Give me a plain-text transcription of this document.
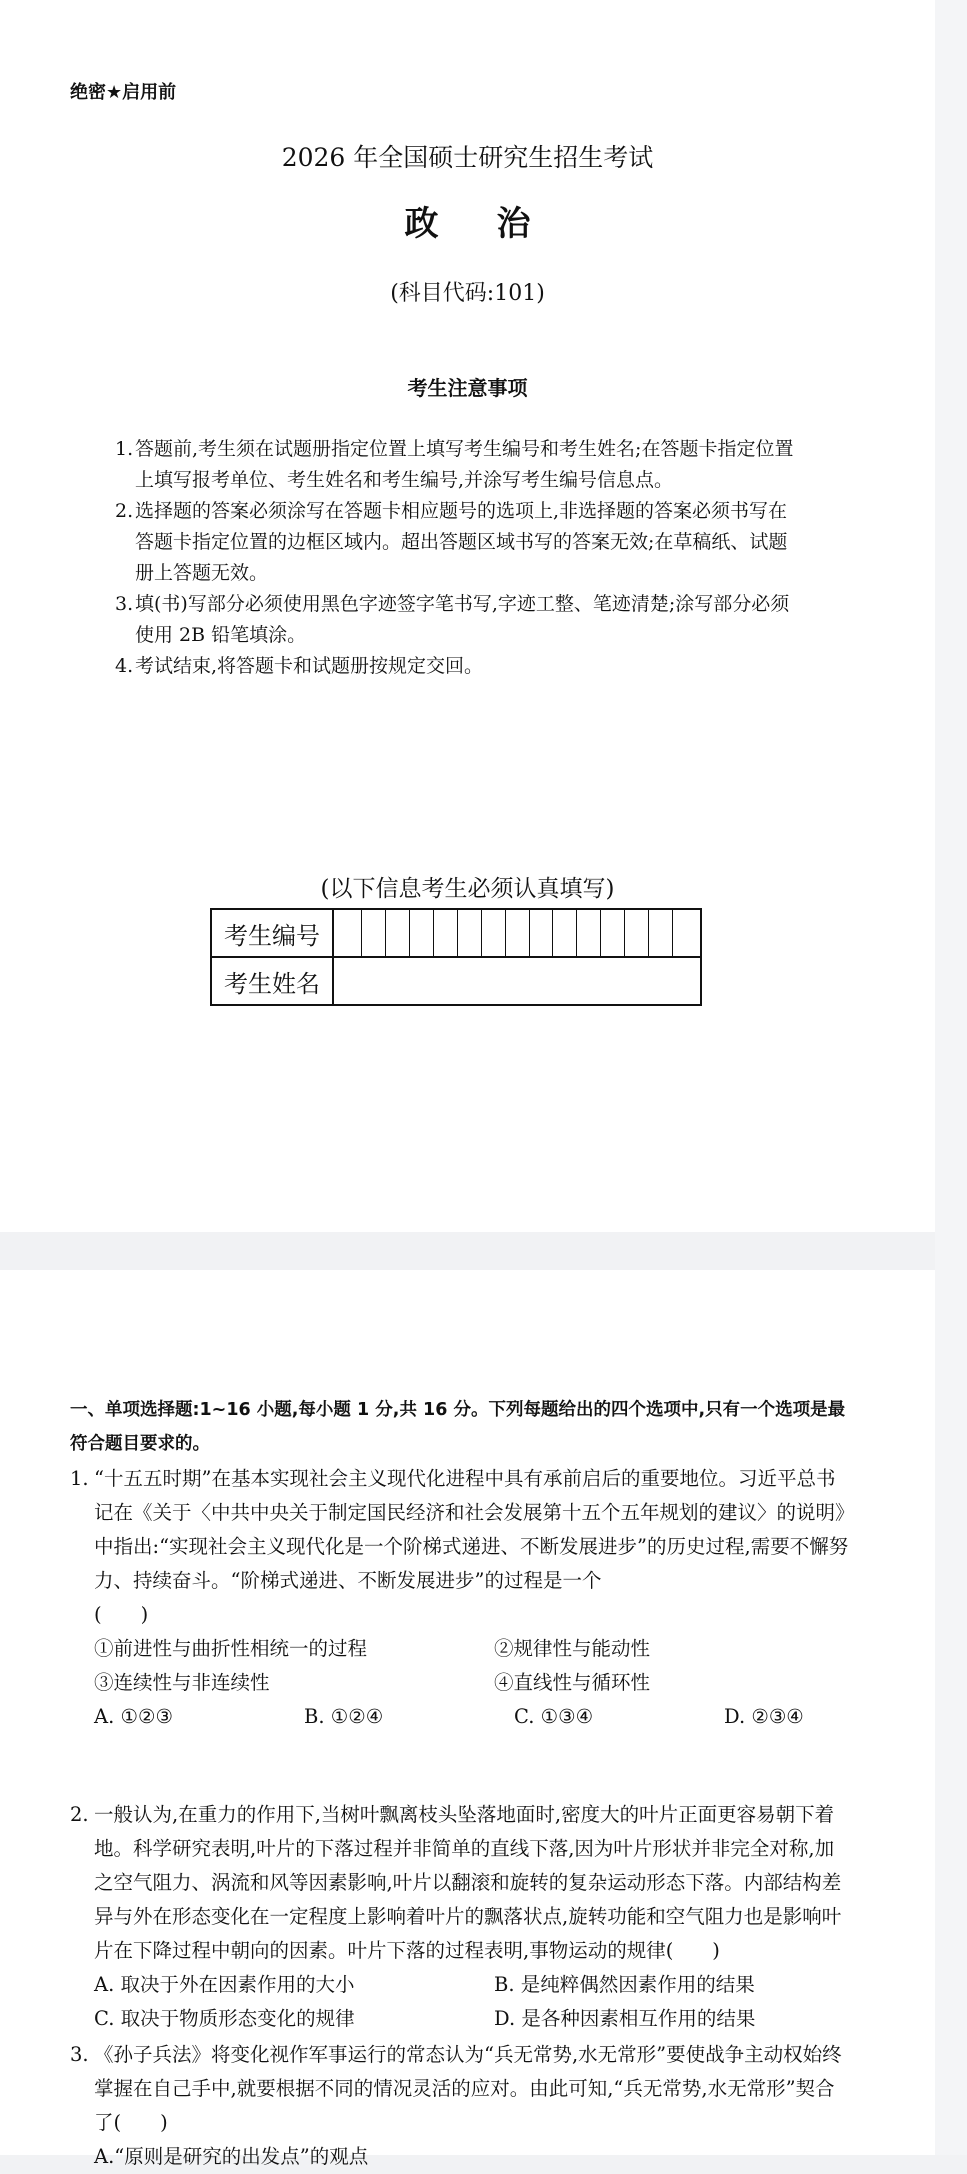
绝密★启用前
2026 年全国硕士研究生招生考试
政治
(科目代码:101)
考生注意事项
1. 答题前,考生须在试题册指定位置上填写考生编号和考生姓名;在答题卡指定位置上填写报考单位、考生姓名和考生编号,并涂写考生编号信息点。
2. 选择题的答案必须涂写在答题卡相应题号的选项上,非选择题的答案必须书写在答题卡指定位置的边框区域内。超出答题区域书写的答案无效;在草稿纸、试题册上答题无效。
3. 填(书)写部分必须使用黑色字迹签字笔书写,字迹工整、笔迹清楚;涂写部分必须使用 2B 铅笔填涂。
4. 考试结束,将答题卡和试题册按规定交回。
(以下信息考生必须认真填写)
考生编号	

考生姓名	
一、单项选择题:1~16 小题,每小题 1 分,共 16 分。下列每题给出的四个选项中,只有一个选项是最符合题目要求的。
1. “十五五时期”在基本实现社会主义现代化进程中具有承前启后的重要地位。习近平总书记在《关于〈中共中央关于制定国民经济和社会发展第十五个五年规划的建议〉的说明》中指出:“实现社会主义现代化是一个阶梯式递进、不断发展进步”的历史过程,需要不懈努力、持续奋斗。“阶梯式递进、不断发展进步”的过程是一个
(　　)
①前进性与曲折性相统一的过程	②规律性与能动性
③连续性与非连续性	④直线性与循环性
A. ①②③	B. ①②④	C. ①③④	D. ②③④
2. 一般认为,在重力的作用下,当树叶飘离枝头坠落地面时,密度大的叶片正面更容易朝下着地。科学研究表明,叶片的下落过程并非简单的直线下落,因为叶片形状并非完全对称,加之空气阻力、涡流和风等因素影响,叶片以翻滚和旋转的复杂运动形态下落。内部结构差异与外在形态变化在一定程度上影响着叶片的飘落状点,旋转功能和空气阻力也是影响叶片在下降过程中朝向的因素。叶片下落的过程表明,事物运动的规律(　　)
A. 取决于外在因素作用的大小	B. 是纯粹偶然因素作用的结果
C. 取决于物质形态变化的规律	D. 是各种因素相互作用的结果
3. 《孙子兵法》将变化视作军事运行的常态认为“兵无常势,水无常形”要使战争主动权始终掌握在自己手中,就要根据不同的情况灵活的应对。由此可知,“兵无常势,水无常形”契合了(　　)
A.“原则是研究的出发点”的观点
